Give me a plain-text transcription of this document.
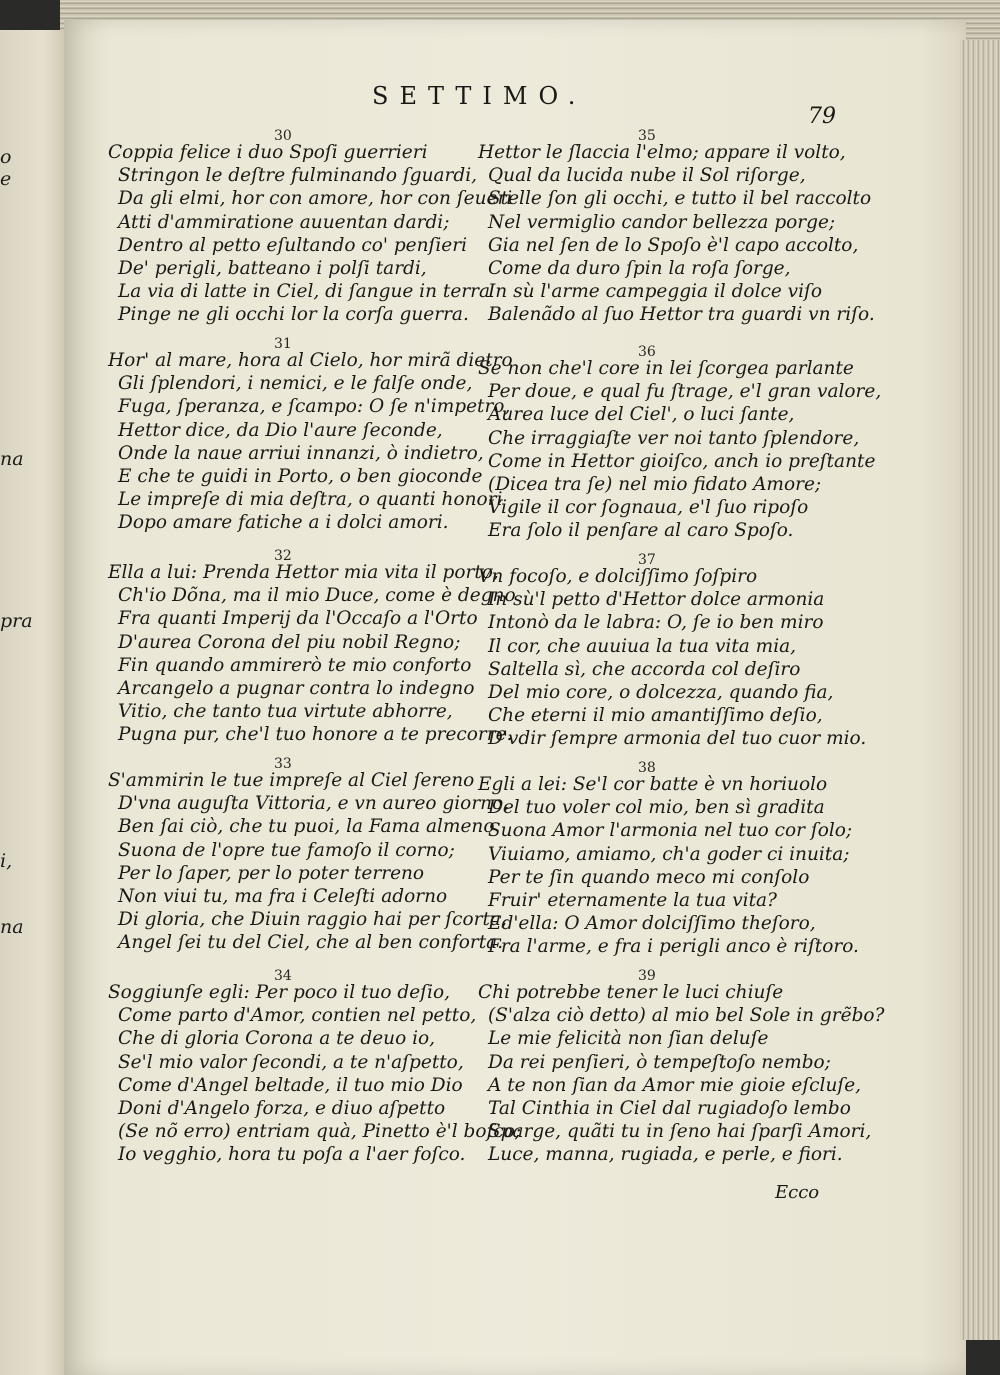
o
e
na
pra
i,
na
SETTIMO.
79
30
Coppia felice i duo Spoſi guerrieri
Stringon le deſtre fulminando ſguardi,
Da gli elmi, hor con amore, hor con ſeueri
Atti d'ammiratione auuentan dardi;
Dentro al petto eſultando co' penſieri
De' perigli, batteano i polſi tardi,
La via di latte in Ciel, di ſangue in terra
Pinge ne gli occhi lor la corſa guerra.
31
Hor' al mare, hora al Cielo, hor mirã dietro
Gli ſplendori, i nemici, e le falſe onde,
Fuga, ſperanza, e ſcampo: O ſe n'impetro,
Hettor dice, da Dio l'aure ſeconde,
Onde la naue arriui innanzi, ò indietro,
E che te guidi in Porto, o ben gioconde
Le impreſe di mia deſtra, o quanti honori
Dopo amare fatiche a i dolci amori.
32
Ella a lui: Prenda Hettor mia vita il porto,
Ch'io Dõna, ma il mio Duce, come è degno
Fra quanti Imperij da l'Occaſo a l'Orto
D'aurea Corona del piu nobil Regno;
Fin quando ammirerò te mio conforto
Arcangelo a pugnar contra lo indegno
Vitio, che tanto tua virtute abhorre,
Pugna pur, che'l tuo honore a te precorre.
33
S'ammirin le tue impreſe al Ciel ſereno
D'vna auguſta Vittoria, e vn aureo giorno,
Ben ſai ciò, che tu puoi, la Fama almeno
Suona de l'opre tue famoſo il corno;
Per lo ſaper, per lo poter terreno
Non viui tu, ma fra i Celeſti adorno
Di gloria, che Diuin raggio hai per ſcorta,
Angel ſei tu del Ciel, che al ben conforta.
34
Soggiunſe egli: Per poco il tuo deſio,
Come parto d'Amor, contien nel petto,
Che di gloria Corona a te deuo io,
Se'l mio valor ſecondi, a te n'aſpetto,
Come d'Angel beltade, il tuo mio Dio
Doni d'Angelo forza, e diuo aſpetto
(Se nõ erro) entriam quà, Pinetto è'l boſco;
Io vegghio, hora tu poſa a l'aer foſco.
35
Hettor le ſlaccia l'elmo; appare il volto,
Qual da lucida nube il Sol riſorge,
Stelle ſon gli occhi, e tutto il bel raccolto
Nel vermiglio candor bellezza porge;
Gia nel ſen de lo Spoſo è'l capo accolto,
Come da duro ſpin la roſa ſorge,
In sù l'arme campeggia il dolce viſo
Balenãdo al ſuo Hettor tra guardi vn riſo.
36
Se non che'l core in lei ſcorgea parlante
Per doue, e qual fu ſtrage, e'l gran valore,
Aurea luce del Ciel', o luci ſante,
Che irraggiaſte ver noi tanto ſplendore,
Come in Hettor gioiſco, anch io preſtante
(Dicea tra ſe) nel mio fidato Amore;
Vigile il cor ſognaua, e'l ſuo ripoſo
Era ſolo il penſare al caro Spoſo.
37
Vn focoſo, e dolciſſimo ſoſpiro
In sù'l petto d'Hettor dolce armonia
Intonò da le labra: O, ſe io ben miro
Il cor, che auuiua la tua vita mia,
Saltella sì, che accorda col deſiro
Del mio core, o dolcezza, quando fia,
Che eterni il mio amantiſſimo deſio,
D'vdir ſempre armonia del tuo cuor mio.
38
Egli a lei: Se'l cor batte è vn horiuolo
Del tuo voler col mio, ben sì gradita
Suona Amor l'armonia nel tuo cor ſolo;
Viuiamo, amiamo, ch'a goder ci inuita;
Per te ſin quando meco mi conſolo
Fruir' eternamente la tua vita?
Ed'ella: O Amor dolciſſimo theſoro,
Fra l'arme, e fra i perigli anco è riſtoro.
39
Chi potrebbe tener le luci chiuſe
(S'alza ciò detto) al mio bel Sole in grẽbo?
Le mie felicità non ſian deluſe
Da rei penſieri, ò tempeſtoſo nembo;
A te non ſian da Amor mie gioie eſcluſe,
Tal Cinthia in Ciel dal rugiadoſo lembo
Sparge, quãti tu in ſeno hai ſparſi Amori,
Luce, manna, rugiada, e perle, e fiori.
Ecco
